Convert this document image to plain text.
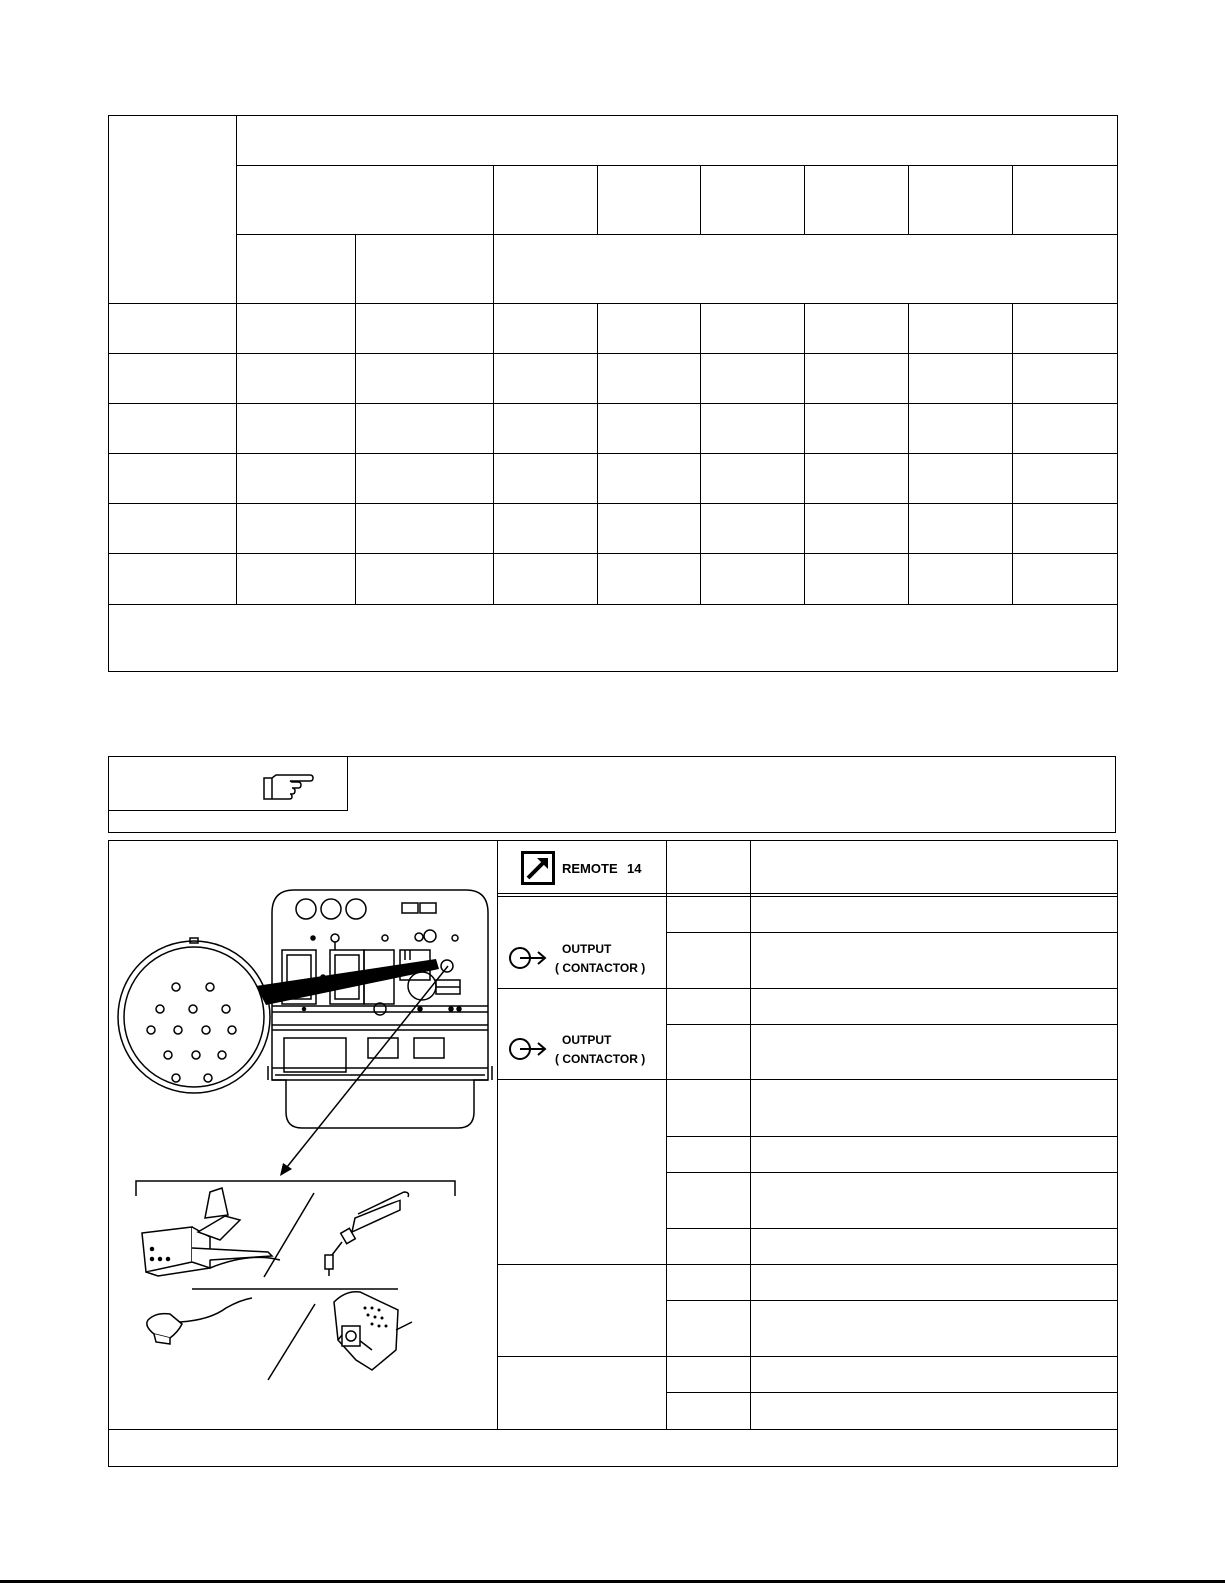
REMOTE 14
OUTPUT
( CONTACTOR )
OUTPUT
( CONTACTOR )
